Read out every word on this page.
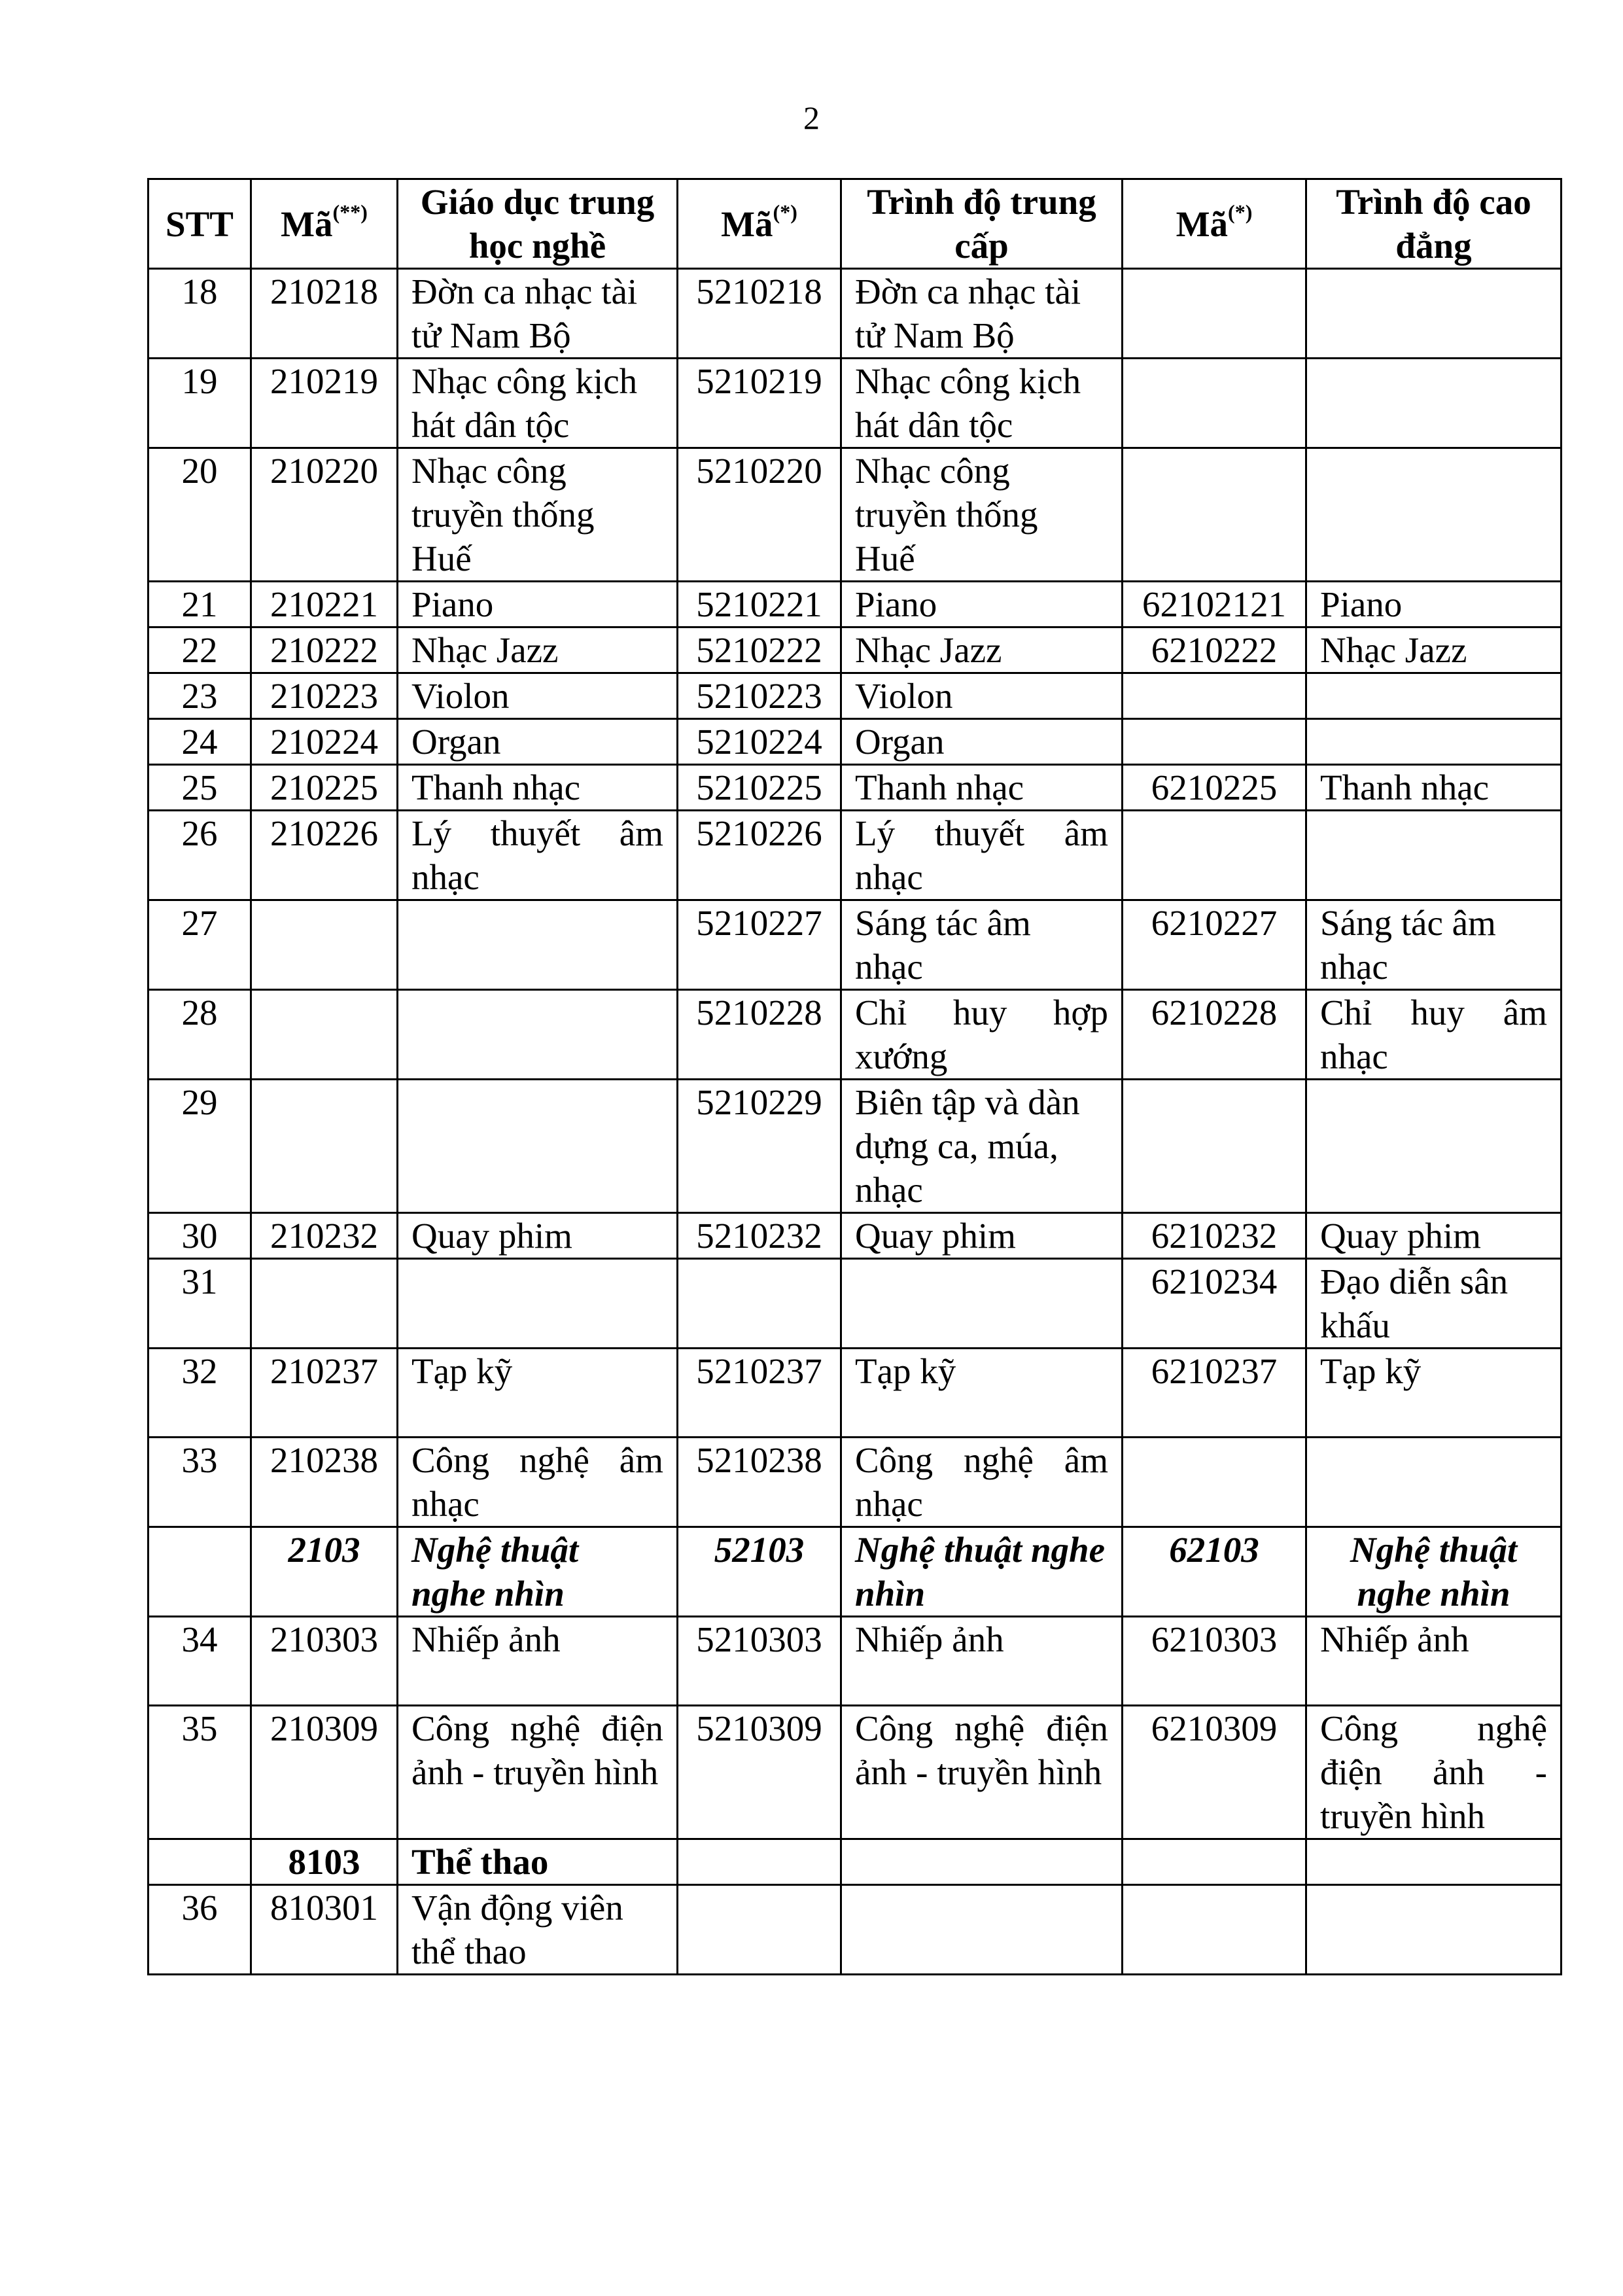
2
STT	Mã(**)	Giáo dục trung học nghề	Mã(*)	Trình độ trung cấp	Mã(*)	Trình độ cao đẳng
18	210218	Đờn ca nhạc tài tử Nam Bộ	5210218	Đờn ca nhạc tài tử Nam Bộ		
19	210219	Nhạc công kịch hát dân tộc	5210219	Nhạc công kịch hát dân tộc		
20	210220	Nhạc công truyền thống Huế	5210220	Nhạc công truyền thống Huế		
21	210221	Piano	5210221	Piano	62102121	Piano
22	210222	Nhạc Jazz	5210222	Nhạc Jazz	6210222	Nhạc Jazz
23	210223	Violon	5210223	Violon		
24	210224	Organ	5210224	Organ		
25	210225	Thanh nhạc	5210225	Thanh nhạc	6210225	Thanh nhạc
26	210226	Lý thuyết âm nhạc	5210226	Lý thuyết âm nhạc		
27			5210227	Sáng tác âm nhạc	6210227	Sáng tác âm nhạc
28			5210228	Chỉ huy hợp xướng	6210228	Chỉ huy âm nhạc
29			5210229	Biên tập và dàn dựng ca, múa, nhạc		
30	210232	Quay phim	5210232	Quay phim	6210232	Quay phim
31					6210234	Đạo diễn sân khấu
32	210237	Tạp kỹ	5210237	Tạp kỹ	6210237	Tạp kỹ
33	210238	Công nghệ âm nhạc	5210238	Công nghệ âm nhạc		
	2103	Nghệ thuật nghe nhìn	52103	Nghệ thuật nghe nhìn	62103	Nghệ thuật nghe nhìn
34	210303	Nhiếp ảnh	5210303	Nhiếp ảnh	6210303	Nhiếp ảnh
35	210309	Công nghệ điện ảnh - truyền hình	5210309	Công nghệ điện ảnh - truyền hình	6210309	Công nghệ điện ảnh - truyền hình
	8103	Thể thao				
36	810301	Vận động viên thể thao				
